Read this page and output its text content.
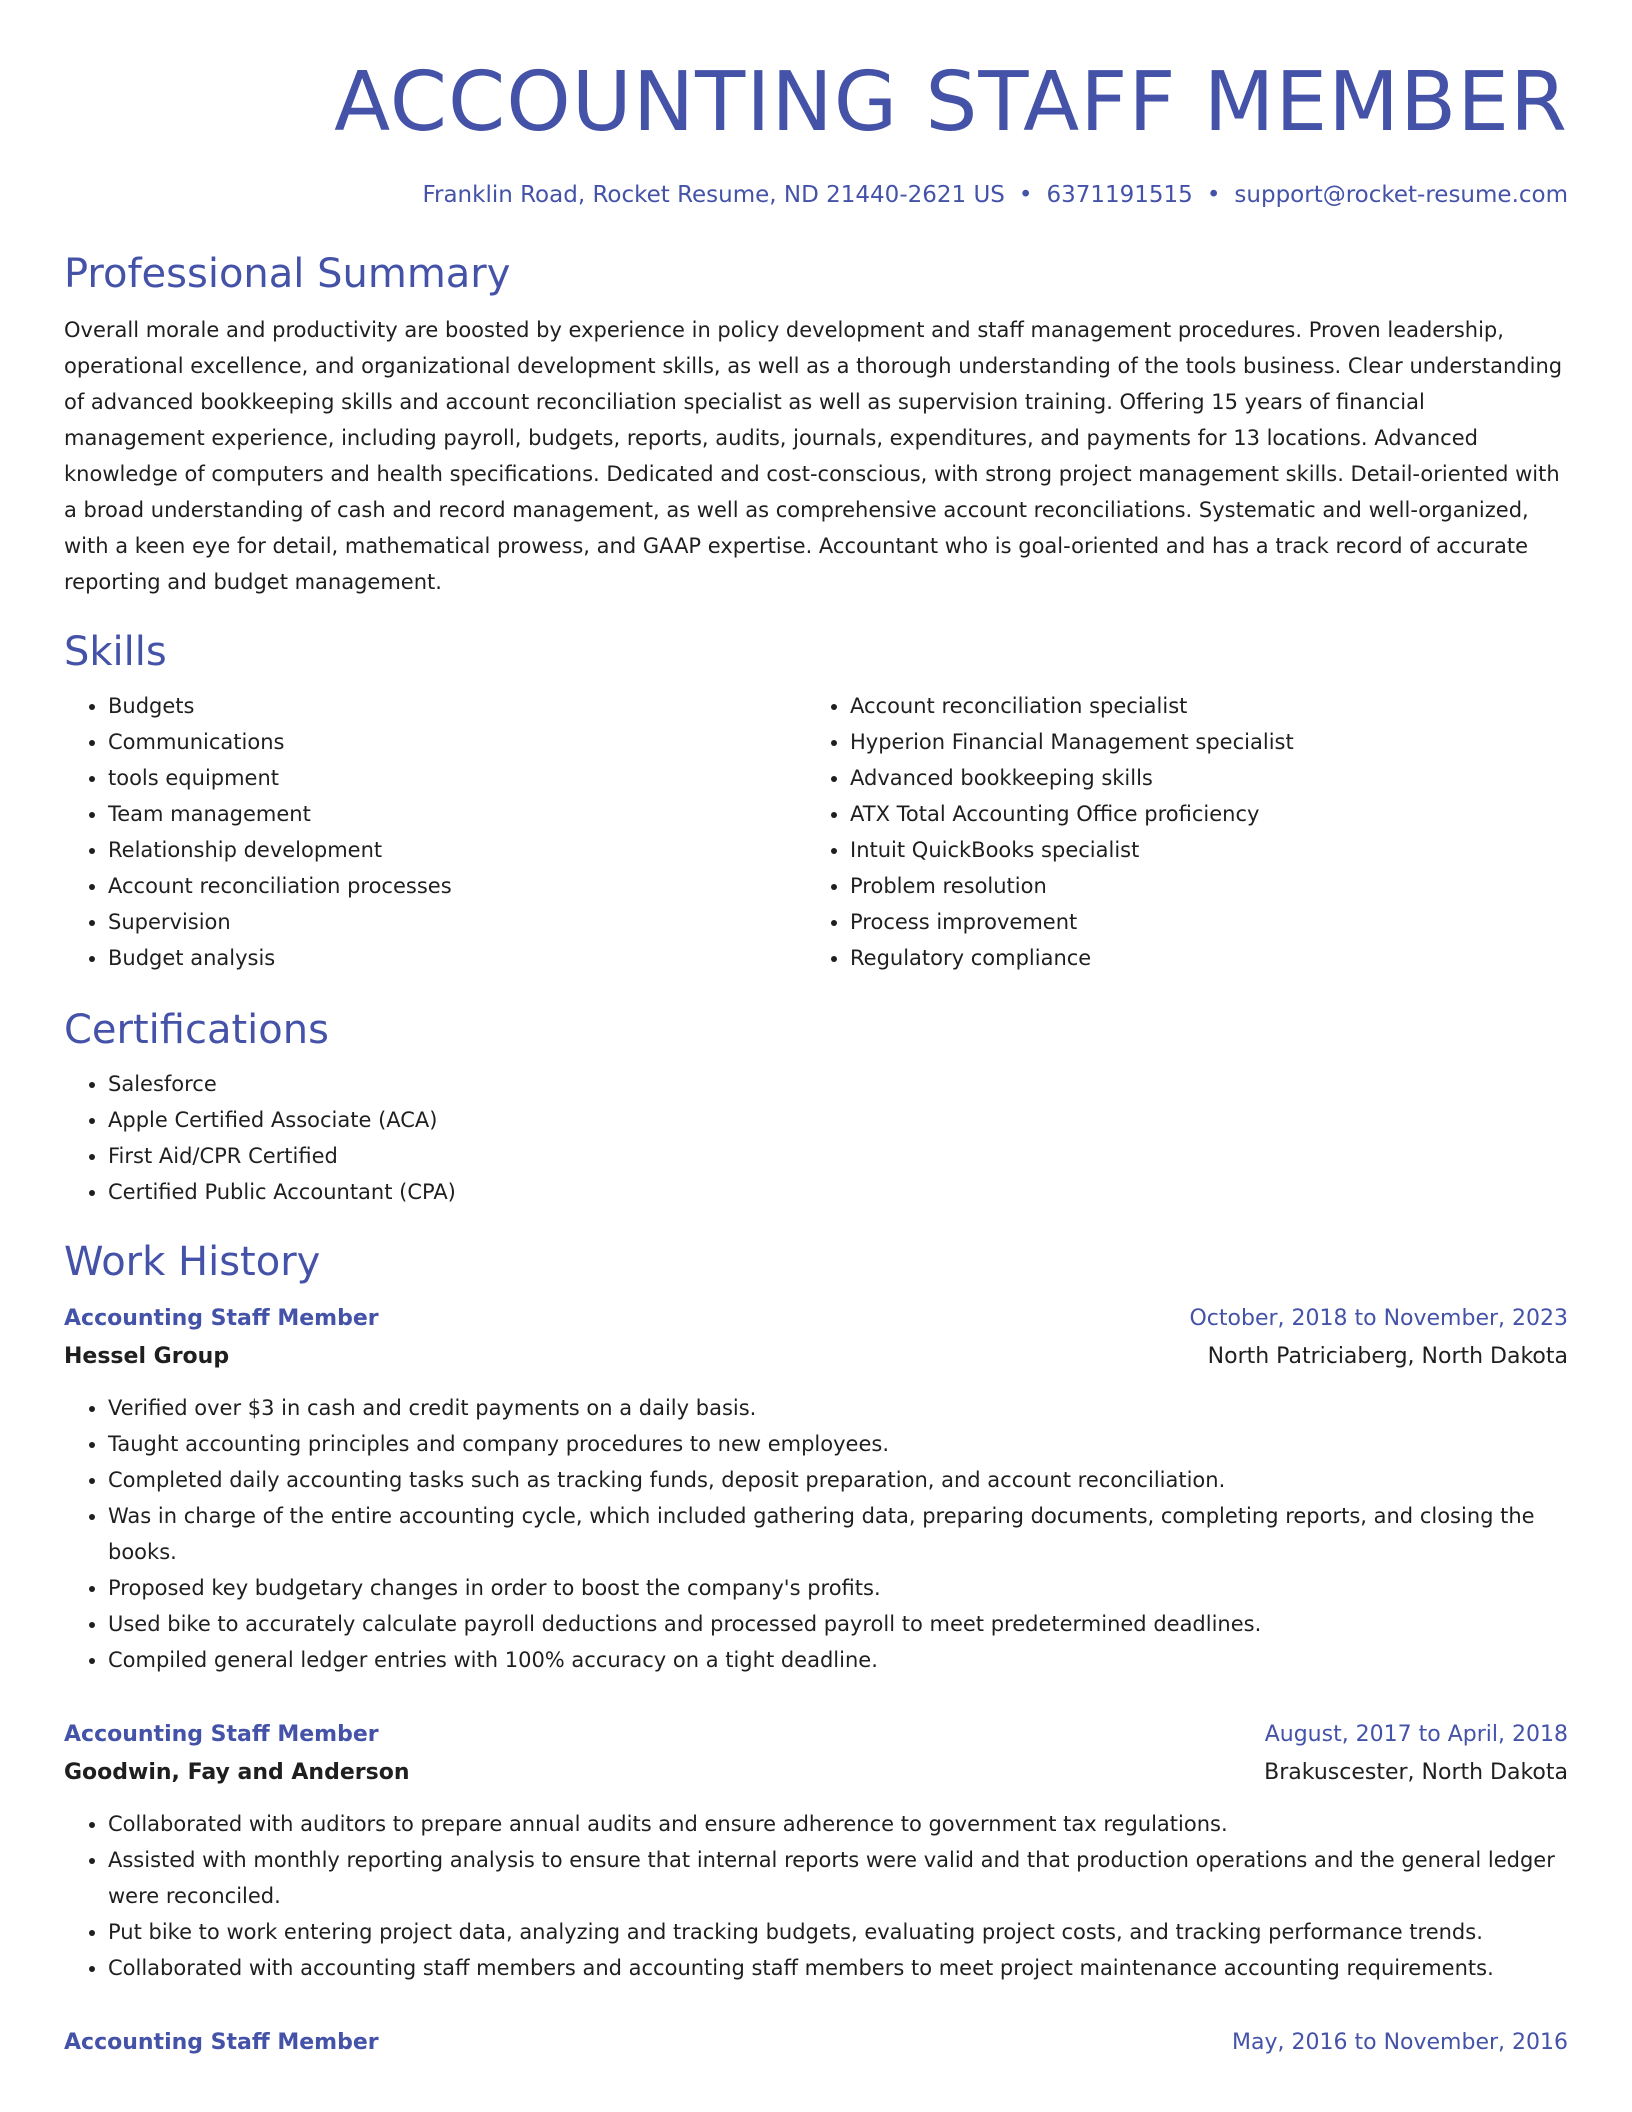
ACCOUNTING STAFF MEMBER
Franklin Road, Rocket Resume, ND 21440-2621 US • 6371191515 • support@rocket-resume.com
Professional Summary
Overall morale and productivity are boosted by experience in policy development and staff management procedures. Proven leadership, operational excellence, and organizational development skills, as well as a thorough understanding of the tools business. Clear understanding of advanced bookkeeping skills and account reconciliation specialist as well as supervision training. Offering 15 years of financial management experience, including payroll, budgets, reports, audits, journals, expenditures, and payments for 13 locations. Advanced knowledge of computers and health specifications. Dedicated and cost-conscious, with strong project management skills. Detail-oriented with a broad understanding of cash and record management, as well as comprehensive account reconciliations. Systematic and well-organized, with a keen eye for detail, mathematical prowess, and GAAP expertise. Accountant who is goal-oriented and has a track record of accurate reporting and budget management.
Skills
• Budgets
• Communications
• tools equipment
• Team management
• Relationship development
• Account reconciliation processes
• Supervision
• Budget analysis
• Account reconciliation specialist
• Hyperion Financial Management specialist
• Advanced bookkeeping skills
• ATX Total Accounting Office proficiency
• Intuit QuickBooks specialist
• Problem resolution
• Process improvement
• Regulatory compliance
Certifications
• Salesforce
• Apple Certified Associate (ACA)
• First Aid/CPR Certified
• Certified Public Accountant (CPA)
Work History
Accounting Staff Member	October, 2018 to November, 2023
Hessel Group	North Patriciaberg, North Dakota
• Verified over $3 in cash and credit payments on a daily basis.
• Taught accounting principles and company procedures to new employees.
• Completed daily accounting tasks such as tracking funds, deposit preparation, and account reconciliation.
• Was in charge of the entire accounting cycle, which included gathering data, preparing documents, completing reports, and closing the books.
• Proposed key budgetary changes in order to boost the company's profits.
• Used bike to accurately calculate payroll deductions and processed payroll to meet predetermined deadlines.
• Compiled general ledger entries with 100% accuracy on a tight deadline.
Accounting Staff Member	August, 2017 to April, 2018
Goodwin, Fay and Anderson	Brakuscester, North Dakota
• Collaborated with auditors to prepare annual audits and ensure adherence to government tax regulations.
• Assisted with monthly reporting analysis to ensure that internal reports were valid and that production operations and the general ledger were reconciled.
• Put bike to work entering project data, analyzing and tracking budgets, evaluating project costs, and tracking performance trends.
• Collaborated with accounting staff members and accounting staff members to meet project maintenance accounting requirements.
Accounting Staff Member	May, 2016 to November, 2016
